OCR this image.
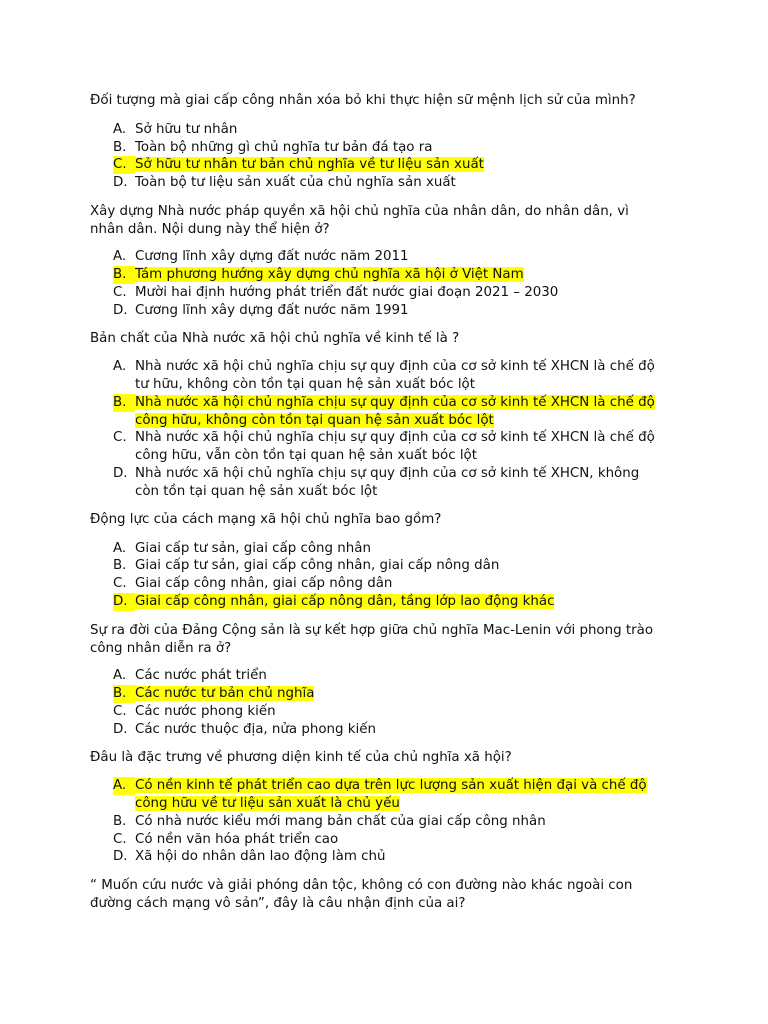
Đối tượng mà giai cấp công nhân xóa bỏ khi thực hiện sữ mệnh lịch sử của mình?
A. Sở hữu tư nhân
B. Toàn bộ những gì chủ nghĩa tư bản đá tạo ra
C. Sở hữu tư nhân tư bản chủ nghĩa về tư liệu sản xuất
D. Toàn bộ tư liệu sản xuất của chủ nghĩa sản xuất
Xây dựng Nhà nước pháp quyền xã hội chủ nghĩa của nhân dân, do nhân dân, vì
nhân dân. Nội dung này thể hiện ở?
A. Cương lĩnh xây dựng đất nước năm 2011
B. Tám phương hướng xây dựng chủ nghĩa xã hội ở Việt Nam
C. Mười hai định hướng phát triển đất nước giai đoạn 2021 – 2030
D. Cương lĩnh xây dựng đất nước năm 1991
Bản chất của Nhà nước xã hội chủ nghĩa về kinh tế là ?
A. Nhà nước xã hội chủ nghĩa chịu sự quy định của cơ sở kinh tế XHCN là chế độ
tư hữu, không còn tồn tại quan hệ sản xuất bóc lột
B. Nhà nước xã hội chủ nghĩa chịu sự quy định của cơ sở kinh tế XHCN là chế độ
công hữu, không còn tồn tại quan hệ sản xuất bóc lột
C. Nhà nước xã hội chủ nghĩa chịu sự quy định của cơ sở kinh tế XHCN là chế độ
công hữu, vẫn còn tồn tại quan hệ sản xuất bóc lột
D. Nhà nước xã hội chủ nghĩa chịu sự quy định của cơ sở kinh tế XHCN, không
còn tồn tại quan hệ sản xuất bóc lột
Động lực của cách mạng xã hội chủ nghĩa bao gồm?
A. Giai cấp tư sản, giai cấp công nhân
B. Giai cấp tư sản, giai cấp công nhân, giai cấp nông dân
C. Giai cấp công nhân, giai cấp nông dân
D. Giai cấp công nhân, giai cấp nông dân, tầng lớp lao động khác
Sự ra đời của Đảng Cộng sản là sự kết hợp giữa chủ nghĩa Mac-Lenin với phong trào
công nhân diễn ra ở?
A. Các nước phát triển
B. Các nước tư bản chủ nghĩa
C. Các nước phong kiến
D. Các nước thuộc địa, nửa phong kiến
Đâu là đặc trưng về phương diện kinh tế của chủ nghĩa xã hội?
A. Có nền kinh tế phát triển cao dựa trên lực lượng sản xuất hiện đại và chế độ
công hữu về tư liệu sản xuất là chủ yếu
B. Có nhà nước kiểu mới mang bản chất của giai cấp công nhân
C. Có nền văn hóa phát triển cao
D. Xã hội do nhân dân lao động làm chủ
“ Muốn cứu nước và giải phóng dân tộc, không có con đường nào khác ngoài con
đường cách mạng vô sản”, đây là câu nhận định của ai?
